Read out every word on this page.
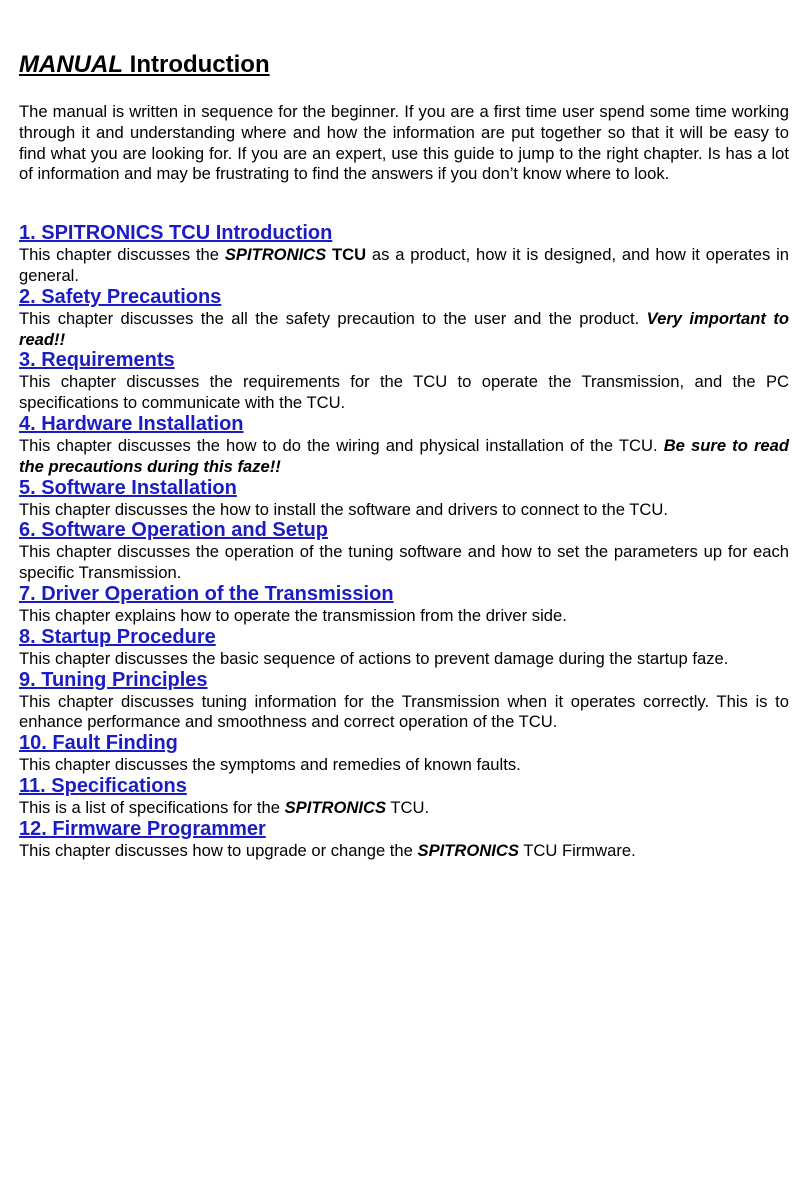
MANUAL Introduction

The manual is written in sequence for the beginner. If you are a first time user spend some time working through it and understanding where and how the information are put together so that it will be easy to find what you are looking for. If you are an expert, use this guide to jump to the right chapter. Is has a lot of information and may be frustrating to find the answers if you don’t know where to look.

1. SPITRONICS TCU Introduction

This chapter discusses the SPITRONICS TCU as a product, how it is designed, and how it operates in general.

2. Safety Precautions

This chapter discusses the all the safety precaution to the user and the product. Very important to read!!

3. Requirements

This chapter discusses the requirements for the TCU to operate the Transmission, and the PC specifications to communicate with the TCU.

4. Hardware Installation

This chapter discusses the how to do the wiring and physical installation of the TCU. Be sure to read the precautions during this faze!!

5. Software Installation

This chapter discusses the how to install the software and drivers to connect to the TCU.

6. Software Operation and Setup

This chapter discusses the operation of the tuning software and how to set the parameters up for each specific Transmission.

7. Driver Operation of the Transmission

This chapter explains how to operate the transmission from the driver side.

8. Startup Procedure

This chapter discusses the basic sequence of actions to prevent damage during the startup faze.

9. Tuning Principles

This chapter discusses tuning information for the Transmission when it operates correctly. This is to enhance performance and smoothness and correct operation of the TCU.

10. Fault Finding

This chapter discusses the symptoms and remedies of known faults.

11. Specifications

This is a list of specifications for the SPITRONICS TCU.

12. Firmware Programmer

This chapter discusses how to upgrade or change the SPITRONICS TCU Firmware.
